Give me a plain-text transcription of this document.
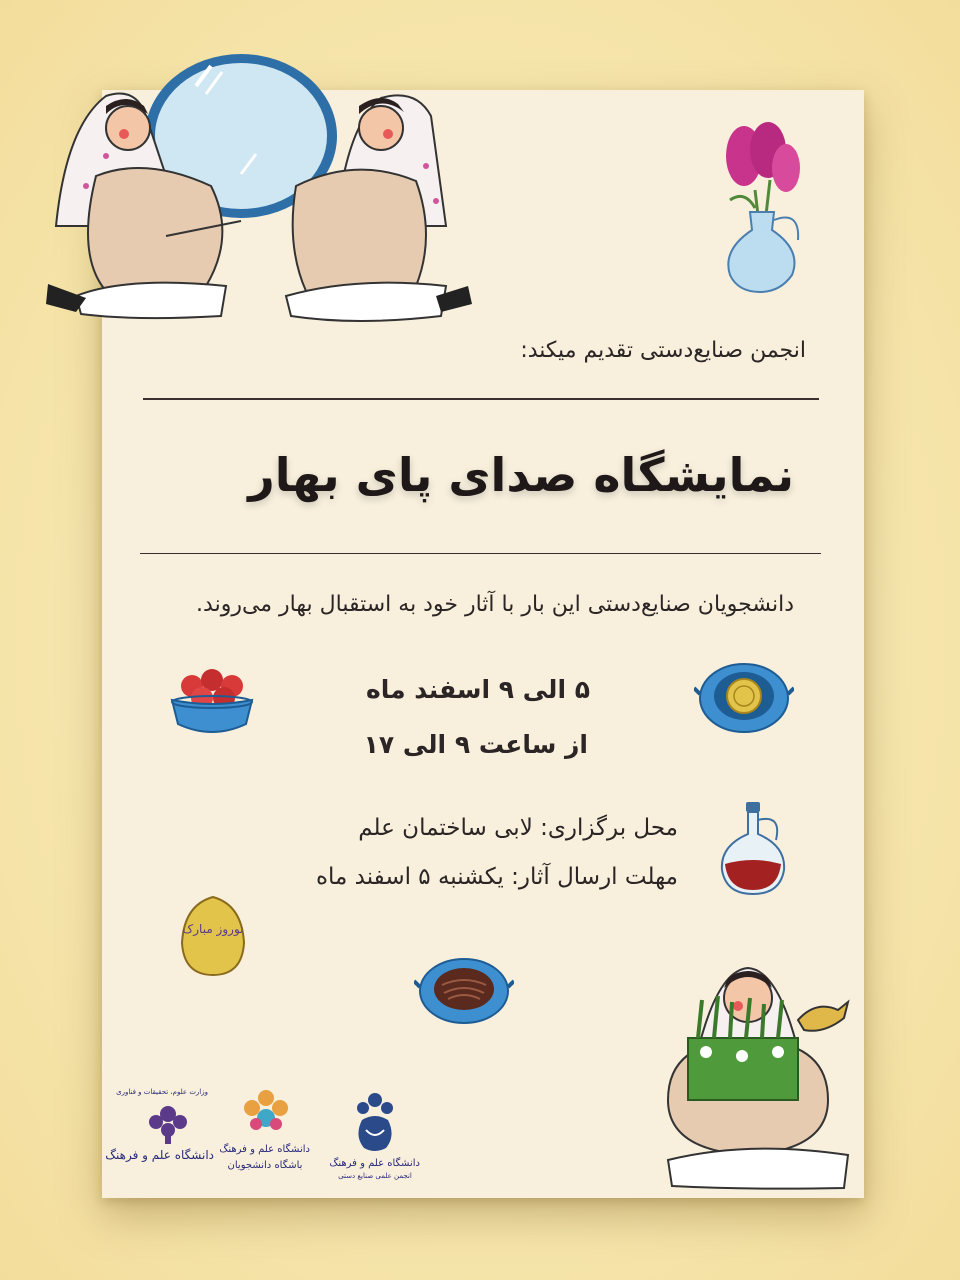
انجمن صنایع‌دستی تقدیم میکند:
نمایشگاه صدای پای بهار
دانشجویان صنایع‌دستی این بار با آثار خود به استقبال بهار می‌روند.
۵ الی ۹ اسفند ماه
از ساعت ۹ الی ۱۷
محل برگزاری: لابی ساختمان علم
مهلت ارسال آثار: یکشنبه ۵ اسفند ماه
نوروز مبارک
وزارت علوم، تحقیقات و فناوری
دانشگاه علم و فرهنگ دانشگاه علم و فرهنگ
باشگاه دانشجویان	دانشگاه علم و فرهنگ
انجمن علمی صنایع دستی
